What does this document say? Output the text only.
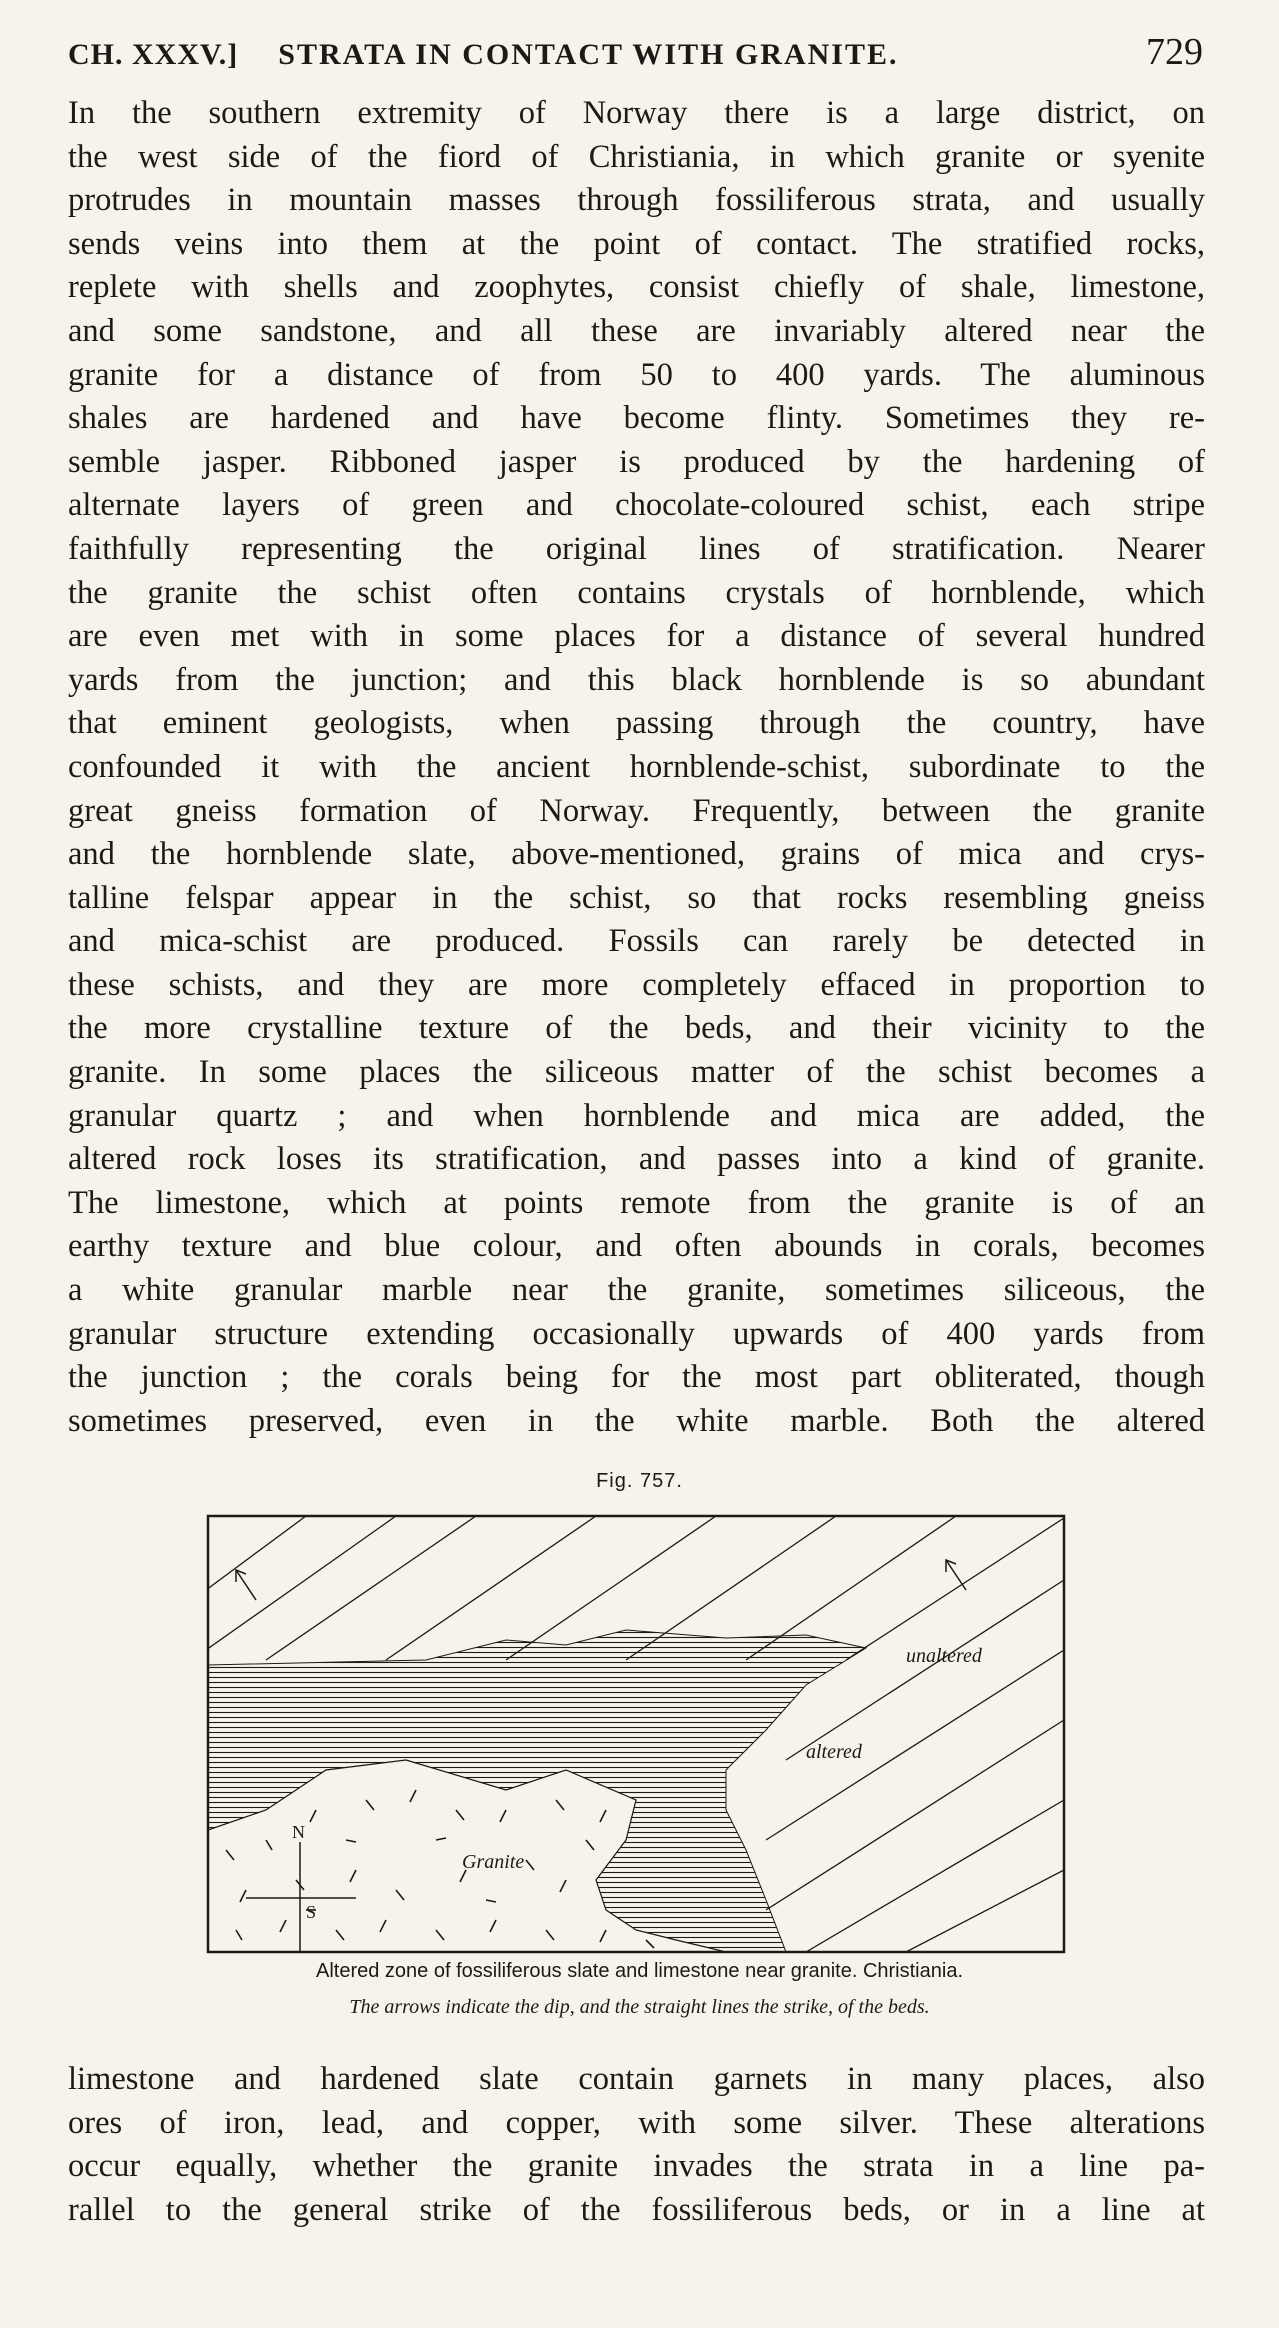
CH. XXXV.] STRATA IN CONTACT WITH GRANITE.	729
In the southern extremity of Norway there is a large district, on
the west side of the fiord of Christiania, in which granite or syenite
protrudes in mountain masses through fossiliferous strata, and usually
sends veins into them at the point of contact. The stratified rocks,
replete with shells and zoophytes, consist chiefly of shale, limestone,
and some sandstone, and all these are invariably altered near the
granite for a distance of from 50 to 400 yards. The aluminous
shales are hardened and have become flinty. Sometimes they re-
semble jasper. Ribboned jasper is produced by the hardening of
alternate layers of green and chocolate-coloured schist, each stripe
faithfully representing the original lines of stratification. Nearer
the granite the schist often contains crystals of hornblende, which
are even met with in some places for a distance of several hundred
yards from the junction; and this black hornblende is so abundant
that eminent geologists, when passing through the country, have
confounded it with the ancient hornblende-schist, subordinate to the
great gneiss formation of Norway. Frequently, between the granite
and the hornblende slate, above-mentioned, grains of mica and crys-
talline felspar appear in the schist, so that rocks resembling gneiss
and mica-schist are produced. Fossils can rarely be detected in
these schists, and they are more completely effaced in proportion to
the more crystalline texture of the beds, and their vicinity to the
granite. In some places the siliceous matter of the schist becomes a
granular quartz ; and when hornblende and mica are added, the
altered rock loses its stratification, and passes into a kind of granite.
The limestone, which at points remote from the granite is of an
earthy texture and blue colour, and often abounds in corals, becomes
a white granular marble near the granite, sometimes siliceous, the
granular structure extending occasionally upwards of 400 yards from
the junction ; the corals being for the most part obliterated, though
sometimes preserved, even in the white marble. Both the altered
Fig. 757.
unaltered
altered
Granite
N
S
Altered zone of fossiliferous slate and limestone near granite. Christiania.
The arrows indicate the dip, and the straight lines the strike, of the beds.
limestone and hardened slate contain garnets in many places, also
ores of iron, lead, and copper, with some silver. These alterations
occur equally, whether the granite invades the strata in a line pa-
rallel to the general strike of the fossiliferous beds, or in a line at
